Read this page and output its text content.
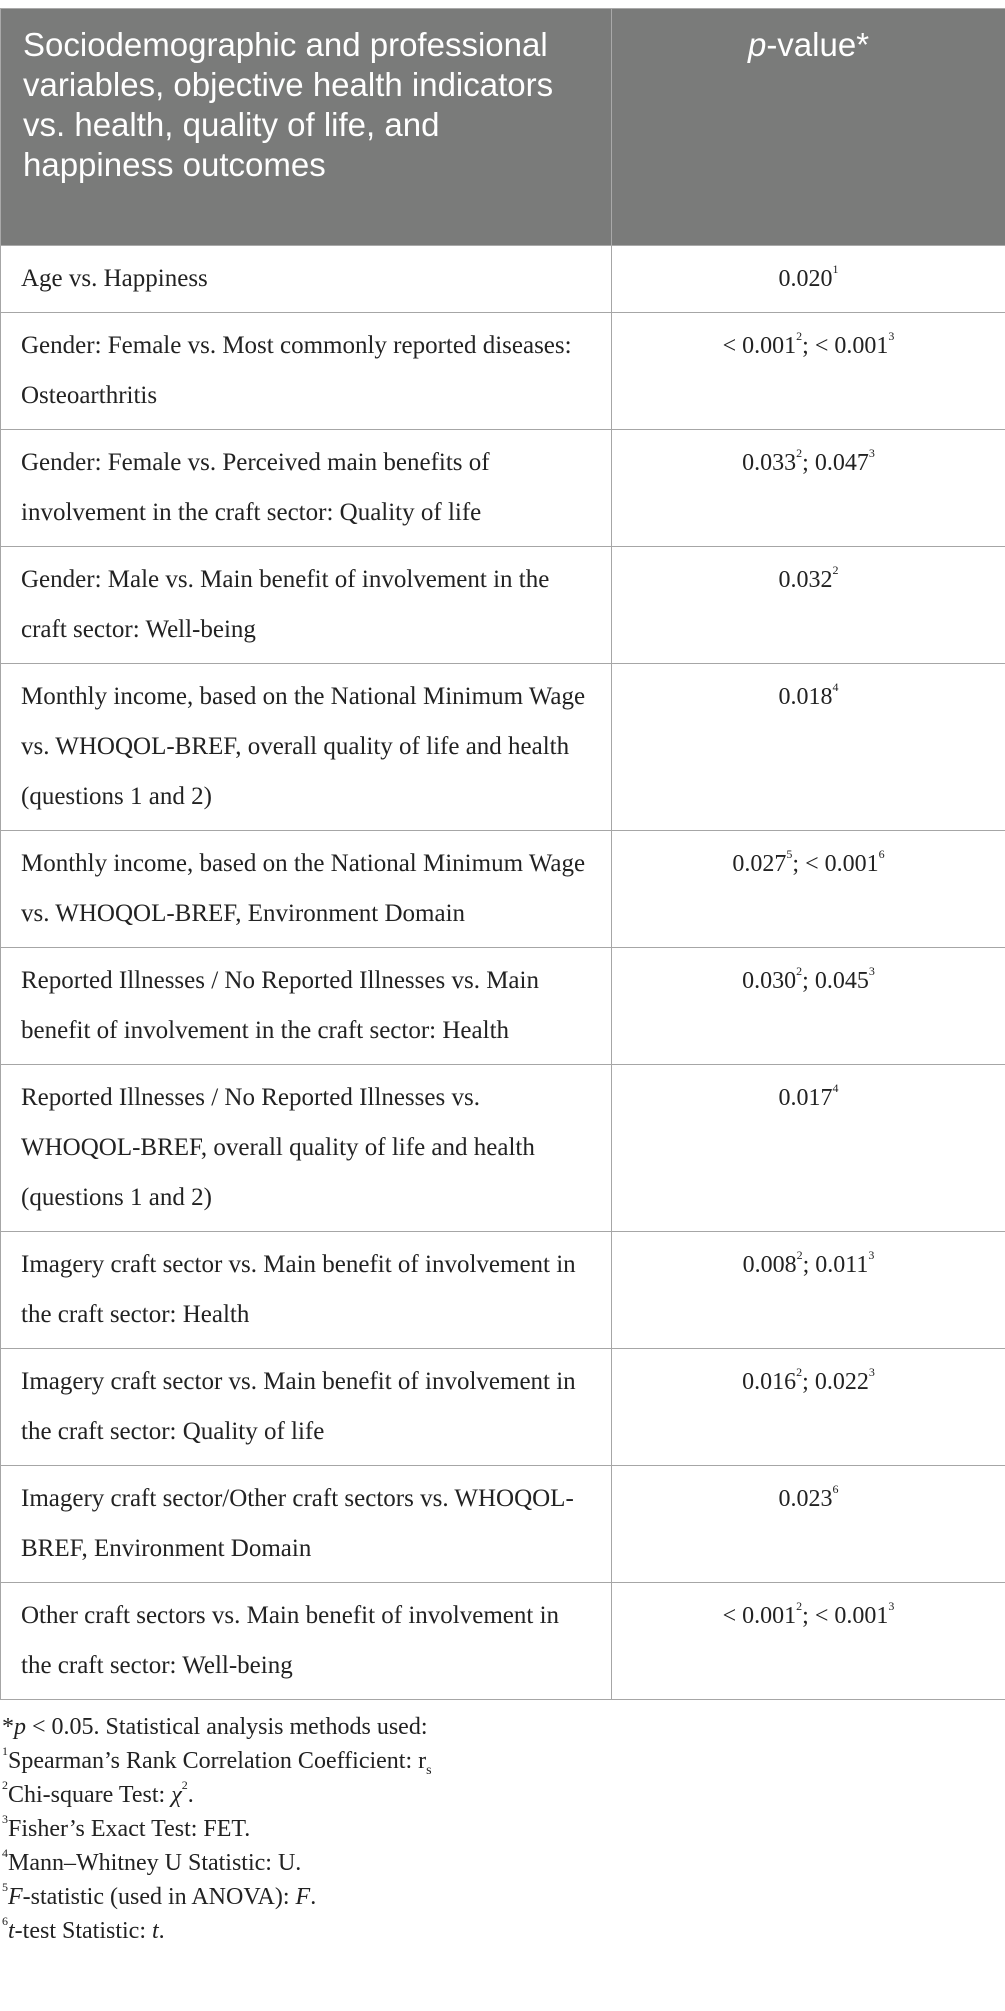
Sociodemographic and professional variables, objective health indicators vs. health, quality of life, and happiness outcomes	p-value*
Age vs. Happiness	0.020$^1$
Gender: Female vs. Most commonly reported diseases: Osteoarthritis	< $0.001^2$; < $0.001^3$
Gender: Female vs. Perceived main benefits of involvement in the craft sector: Quality of life	0.033$^2$; 0.047$^3$
Gender: Male vs. Main benefit of involvement in the craft sector: Well-being	0.032$^2$
Monthly income, based on the National Minimum Wage vs. WHOQOL-BREF, overall quality of life and health (questions 1 and 2)	0.018$^4$
Monthly income, based on the National Minimum Wage vs. WHOQOL-BREF, Environment Domain	$0.027^5$; < $0.001^6$
Reported Illnesses / No Reported Illnesses vs. Main benefit of involvement in the craft sector: Health	0.030$^2$; 0.045$^3$
Reported Illnesses / No Reported Illnesses vs. WHOQOL-BREF, overall quality of life and health (questions 1 and 2)	0.017$^4$
Imagery craft sector vs. Main benefit of involvement in the craft sector: Health	0.008$^2$; 0.011$^3$
Imagery craft sector vs. Main benefit of involvement in the craft sector: Quality of life	0.016$^2$; 0.022$^3$
Imagery craft sector/Other craft sectors vs. WHOQOL-BREF, Environment Domain	0.023$^6$
Other craft sectors vs. Main benefit of involvement in the craft sector: Well-being	< $0.001^2$; < $0.001^3$
*p < 0.05. Statistical analysis methods used:
$^1$Spearman’s Rank Correlation Coefficient: $r_s$
$^2$Chi-square Test: $\chi^2$.
$^3$Fisher’s Exact Test: FET.
$^4$Mann–Whitney U Statistic: U.
$^5$F-statistic (used in ANOVA): F.
$^6$t-test Statistic: t.
